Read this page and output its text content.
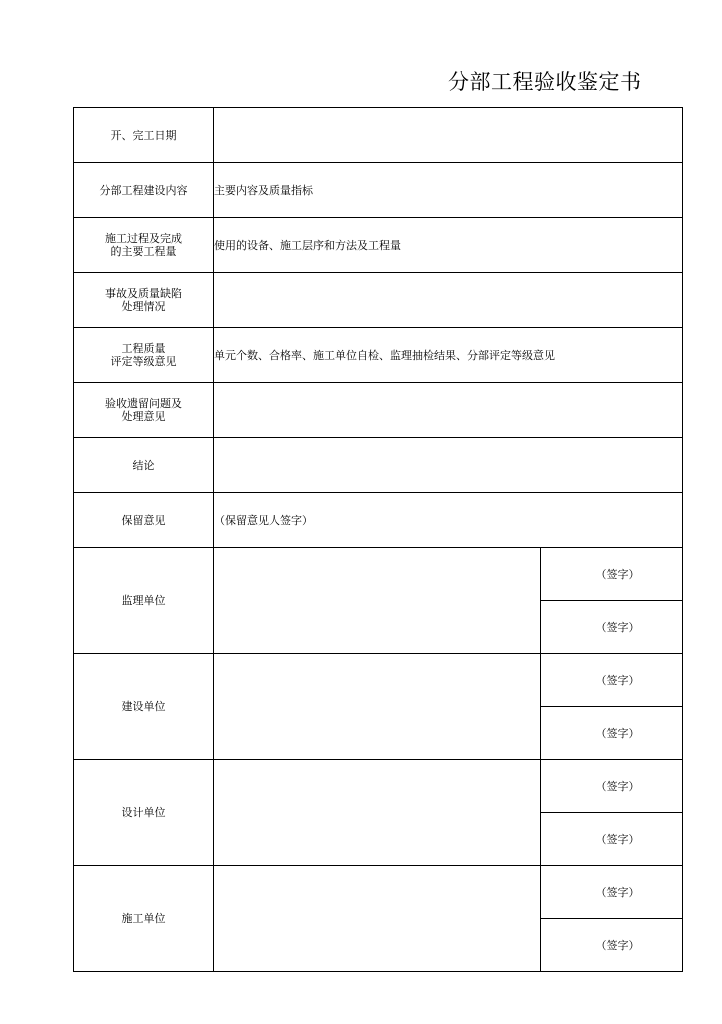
分部工程验收鉴定书
开、完工日期		

分部工程建设内容	主要内容及质量指标	

施工过程及完成
的主要工程量	使用的设备、施工层序和方法及工程量	

事故及质量缺陷
处理情况		

工程质量
评定等级意见	单元个数、合格率、施工单位自检、监理抽检结果、分部评定等级意见	

验收遗留问题及
处理意见		

结论		

保留意见	（保留意见人签字）	

监理单位		（签字）
		（签字）

建设单位		（签字）
		（签字）

设计单位		（签字）
		（签字）

施工单位		（签字）
		（签字）
